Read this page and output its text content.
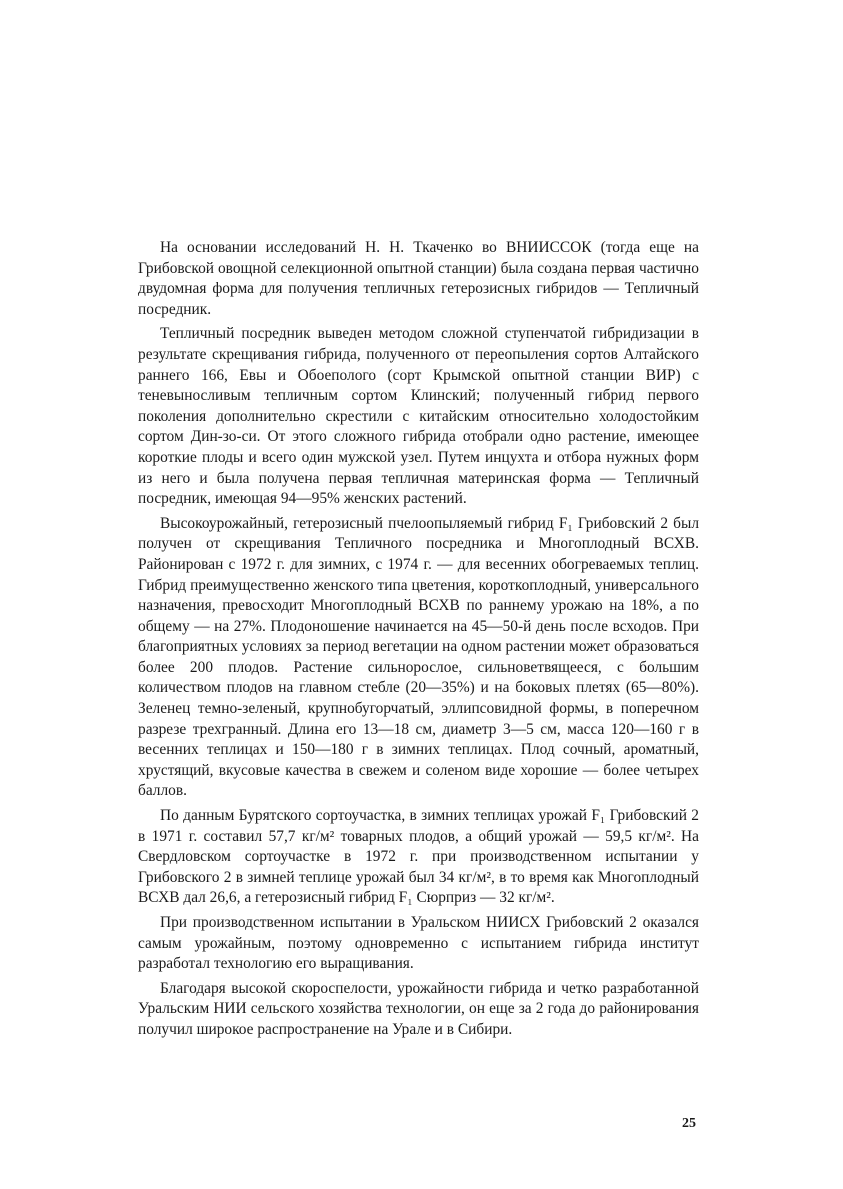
На основании исследований Н. Н. Ткаченко во ВНИИССОК (тогда еще на Грибовской овощной селекционной опытной станции) была создана первая частично двудомная форма для получения тепличных гетерозисных гибридов — Тепличный посредник.

Тепличный посредник выведен методом сложной ступенчатой гибридизации в результате скрещивания гибрида, полученного от переопыления сортов Алтайского раннего 166, Евы и Обоеполого (сорт Крымской опытной станции ВИР) с теневыносливым тепличным сортом Клинский; полученный гибрид первого поколения дополнительно скрестили с китайским относительно холодостойким сортом Дин-зо-си. От этого сложного гибрида отобрали одно растение, имеющее короткие плоды и всего один мужской узел. Путем инцухта и отбора нужных форм из него и была получена первая тепличная материнская форма — Тепличный посредник, имеющая 94—95% женских растений.

Высокоурожайный, гетерозисный пчелоопыляемый гибрид F₁ Грибовский 2 был получен от скрещивания Тепличного посредника и Многоплодный ВСХВ. Районирован с 1972 г. для зимних, с 1974 г. — для весенних обогреваемых теплиц. Гибрид преимущественно женского типа цветения, короткоплодный, универсального назначения, превосходит Многоплодный ВСХВ по раннему урожаю на 18%, а по общему — на 27%. Плодоношение начинается на 45—50-й день после всходов. При благоприятных условиях за период вегетации на одном растении может образоваться более 200 плодов. Растение сильнорослое, сильноветвящееся, с большим количеством плодов на главном стебле (20—35%) и на боковых плетях (65—80%). Зеленец темно-зеленый, крупнобугорчатый, эллипсовидной формы, в поперечном разрезе трехгранный. Длина его 13—18 см, диаметр 3—5 см, масса 120—160 г в весенних теплицах и 150—180 г в зимних теплицах. Плод сочный, ароматный, хрустящий, вкусовые качества в свежем и соленом виде хорошие — более четырех баллов.

По данным Бурятского сортоучастка, в зимних теплицах урожай F₁ Грибовский 2 в 1971 г. составил 57,7 кг/м² товарных плодов, а общий урожай — 59,5 кг/м². На Свердловском сортоучастке в 1972 г. при производственном испытании у Грибовского 2 в зимней теплице урожай был 34 кг/м², в то время как Многоплодный ВСХВ дал 26,6, а гетерозисный гибрид F₁ Сюрприз — 32 кг/м².

При производственном испытании в Уральском НИИСХ Грибовский 2 оказался самым урожайным, поэтому одновременно с испытанием гибрида институт разработал технологию его выращивания.

Благодаря высокой скороспелости, урожайности гибрида и четко разработанной Уральским НИИ сельского хозяйства технологии, он еще за 2 года до районирования получил широкое распространение на Урале и в Сибири.

25
